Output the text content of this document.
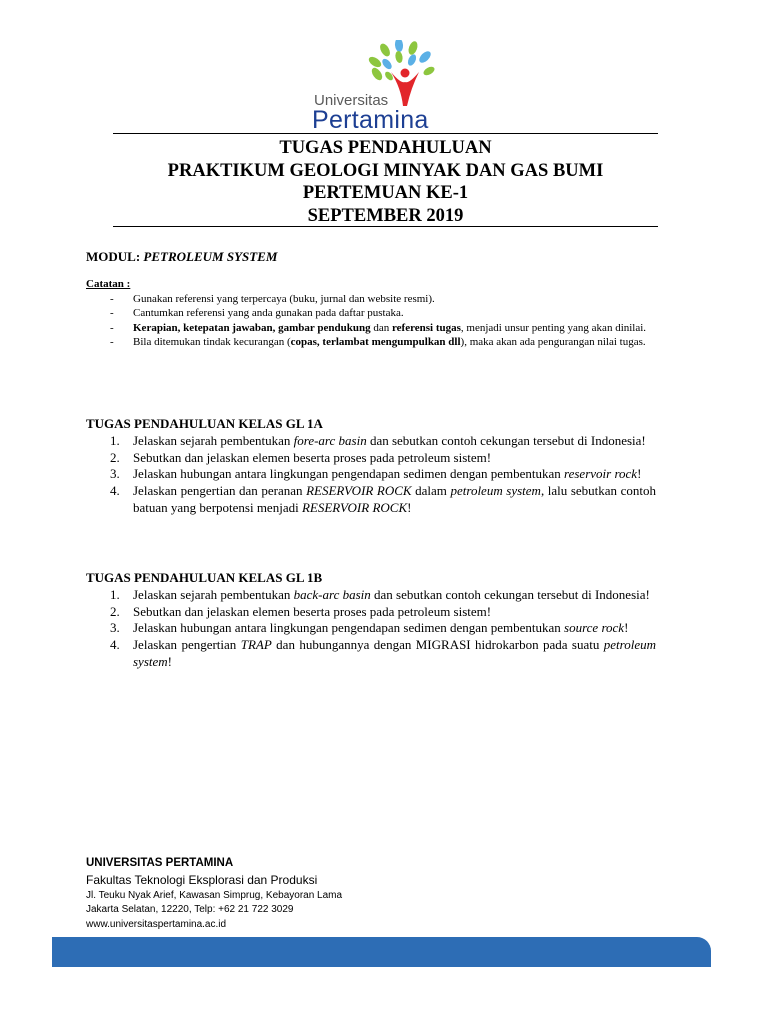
Universitas
Pertamina
TUGAS PENDAHULUAN
PRAKTIKUM GEOLOGI MINYAK DAN GAS BUMI
PERTEMUAN KE-1
SEPTEMBER 2019
MODUL: PETROLEUM SYSTEM
Catatan :
- Gunakan referensi yang terpercaya (buku, jurnal dan website resmi).
- Cantumkan referensi yang anda gunakan pada daftar pustaka.
- Kerapian, ketepatan jawaban, gambar pendukung dan referensi tugas, menjadi unsur penting yang akan dinilai.
- Bila ditemukan tindak kecurangan (copas, terlambat mengumpulkan dll), maka akan ada pengurangan nilai tugas.
TUGAS PENDAHULUAN KELAS GL 1A
1. Jelaskan sejarah pembentukan fore-arc basin dan sebutkan contoh cekungan tersebut di Indonesia!
2. Sebutkan dan jelaskan elemen beserta proses pada petroleum sistem!
3. Jelaskan hubungan antara lingkungan pengendapan sedimen dengan pembentukan reservoir rock!
4. Jelaskan pengertian dan peranan RESERVOIR ROCK dalam petroleum system, lalu sebutkan contoh batuan yang berpotensi menjadi RESERVOIR ROCK!
TUGAS PENDAHULUAN KELAS GL 1B
1. Jelaskan sejarah pembentukan back-arc basin dan sebutkan contoh cekungan tersebut di Indonesia!
2. Sebutkan dan jelaskan elemen beserta proses pada petroleum sistem!
3. Jelaskan hubungan antara lingkungan pengendapan sedimen dengan pembentukan source rock!
4. Jelaskan pengertian TRAP dan hubungannya dengan MIGRASI hidrokarbon pada suatu petroleum system!
UNIVERSITAS PERTAMINA
Fakultas Teknologi Eksplorasi dan Produksi
Jl. Teuku Nyak Arief, Kawasan Simprug, Kebayoran Lama
Jakarta Selatan, 12220, Telp: +62 21 722 3029
www.universitaspertamina.ac.id
